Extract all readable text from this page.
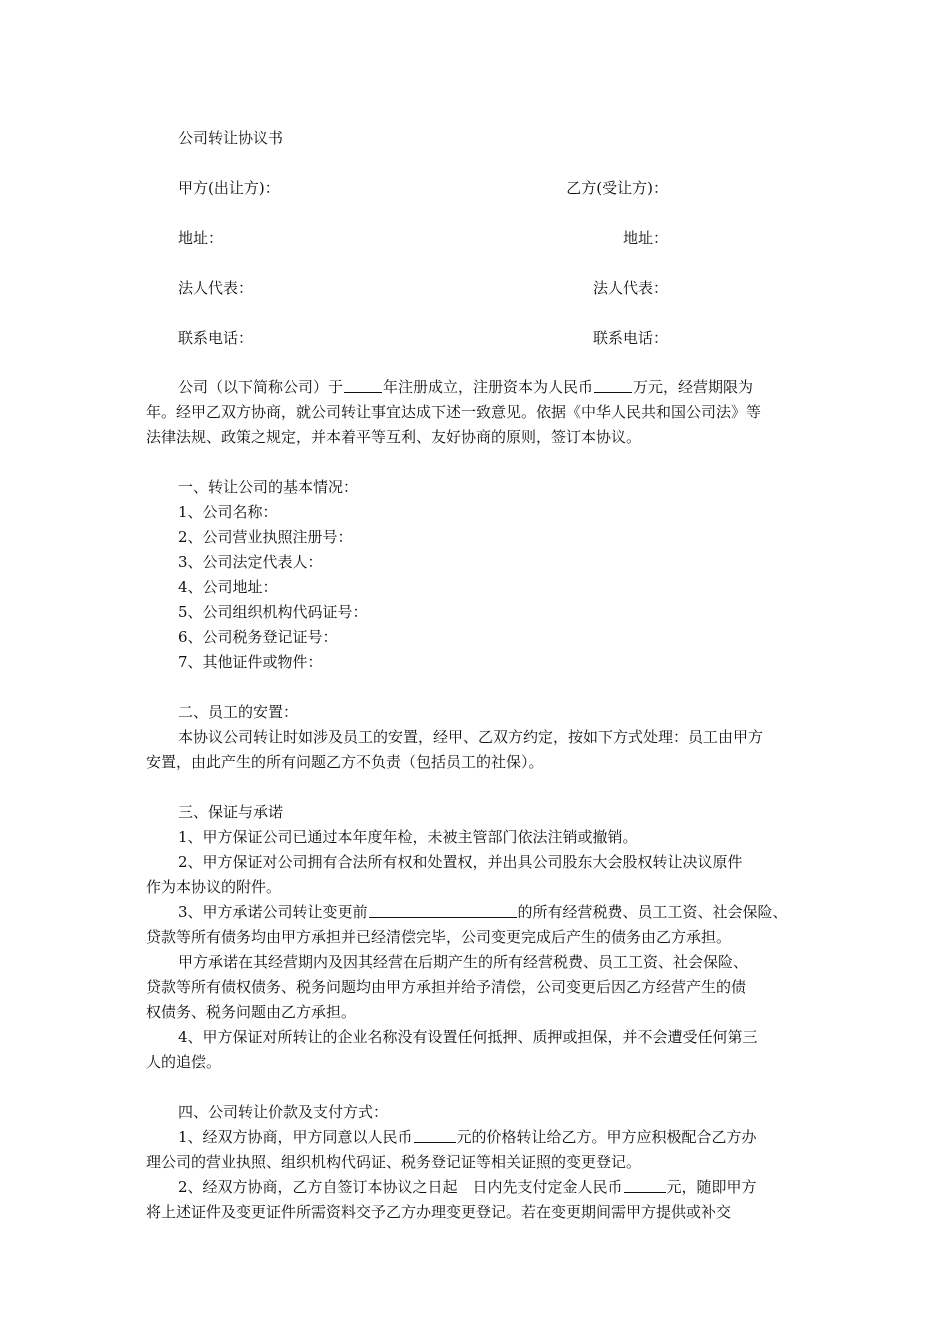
公司转让协议书
甲方(出让方)：	乙方(受让方)：
地址：	地址：
法人代表：	法人代表：
联系电话：	联系电话：
公司（以下简称公司）于	年注册成立，注册资本为人民币	万元，经营期限为
年。经甲乙双方协商，就公司转让事宜达成下述一致意见。依据《中华人民共和国公司法》等
法律法规、政策之规定，并本着平等互利、友好协商的原则，签订本协议。
一、转让公司的基本情况：
1、公司名称：
2、公司营业执照注册号：
3、公司法定代表人：
4、公司地址：
5、公司组织机构代码证号：
6、公司税务登记证号：
7、其他证件或物件：
二、员工的安置：
本协议公司转让时如涉及员工的安置，经甲、乙双方约定，按如下方式处理：员工由甲方
安置，由此产生的所有问题乙方不负责（包括员工的社保）。
三、保证与承诺
1、甲方保证公司已通过本年度年检，未被主管部门依法注销或撤销。
2、甲方保证对公司拥有合法所有权和处置权，并出具公司股东大会股权转让决议原件
作为本协议的附件。
3、甲方承诺公司转让变更前	的所有经营税费、员工工资、社会保险、
贷款等所有债务均由甲方承担并已经清偿完毕，公司变更完成后产生的债务由乙方承担。
甲方承诺在其经营期内及因其经营在后期产生的所有经营税费、员工工资、社会保险、
贷款等所有债权债务、税务问题均由甲方承担并给予清偿，公司变更后因乙方经营产生的债
权债务、税务问题由乙方承担。
4、甲方保证对所转让的企业名称没有设置任何抵押、质押或担保，并不会遭受任何第三
人的追偿。
四、公司转让价款及支付方式：
1、经双方协商，甲方同意以人民币	元的价格转让给乙方。甲方应积极配合乙方办
理公司的营业执照、组织机构代码证、税务登记证等相关证照的变更登记。
2、经双方协商，乙方自签订本协议之日起　日内先支付定金人民币	元，随即甲方
将上述证件及变更证件所需资料交予乙方办理变更登记。若在变更期间需甲方提供或补交
